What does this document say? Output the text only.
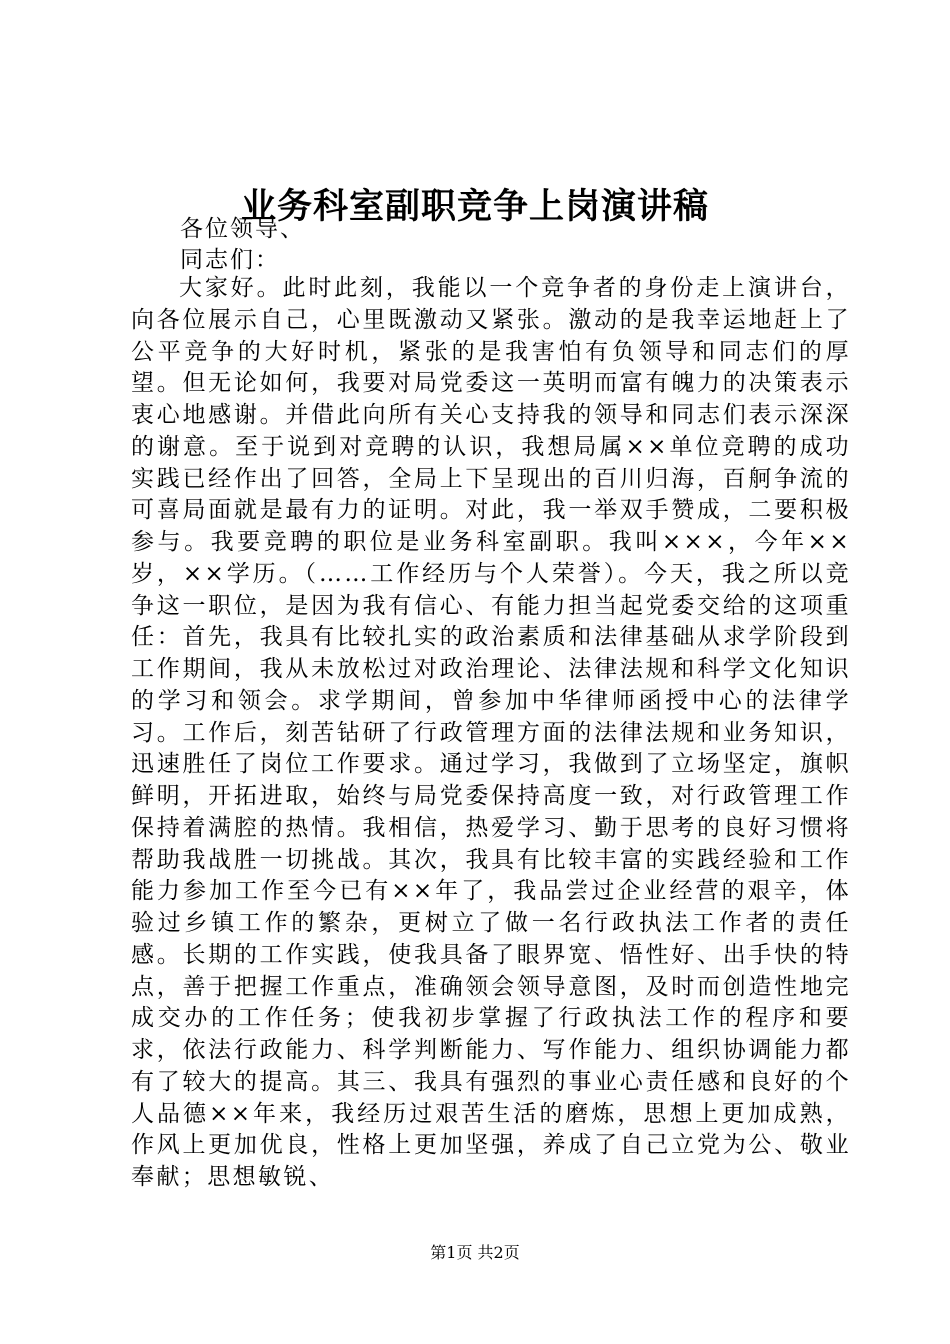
业务科室副职竞争上岗演讲稿
各位领导、
同志们：
大家好。此时此刻，我能以一个竞争者的身份走上演讲台，向各位展示自己，心里既激动又紧张。激动的是我幸运地赶上了公平竞争的大好时机，紧张的是我害怕有负领导和同志们的厚望。但无论如何，我要对局党委这一英明而富有魄力的决策表示衷心地感谢。并借此向所有关心支持我的领导和同志们表示深深的谢意。至于说到对竞聘的认识，我想局属××单位竞聘的成功实践已经作出了回答，全局上下呈现出的百川归海，百舸争流的可喜局面就是最有力的证明。对此，我一举双手赞成，二要积极参与。我要竞聘的职位是业务科室副职。我叫×××，今年××岁，××学历。（……工作经历与个人荣誉）。今天，我之所以竞争这一职位，是因为我有信心、有能力担当起党委交给的这项重任：首先，我具有比较扎实的政治素质和法律基础从求学阶段到工作期间，我从未放松过对政治理论、法律法规和科学文化知识的学习和领会。求学期间，曾参加中华律师函授中心的法律学习。工作后，刻苦钻研了行政管理方面的法律法规和业务知识，迅速胜任了岗位工作要求。通过学习，我做到了立场坚定，旗帜鲜明，开拓进取，始终与局党委保持高度一致，对行政管理工作保持着满腔的热情。我相信，热爱学习、勤于思考的良好习惯将帮助我战胜一切挑战。其次，我具有比较丰富的实践经验和工作能力参加工作至今已有××年了，我品尝过企业经营的艰辛，体验过乡镇工作的繁杂，更树立了做一名行政执法工作者的责任感。长期的工作实践，使我具备了眼界宽、悟性好、出手快的特点，善于把握工作重点，准确领会领导意图，及时而创造性地完成交办的工作任务；使我初步掌握了行政执法工作的程序和要求，依法行政能力、科学判断能力、写作能力、组织协调能力都有了较大的提高。其三、我具有强烈的事业心责任感和良好的个人品德××年来，我经历过艰苦生活的磨炼，思想上更加成熟，作风上更加优良，性格上更加坚强，养成了自己立党为公、敬业奉献；思想敏锐、
第1页 共2页
